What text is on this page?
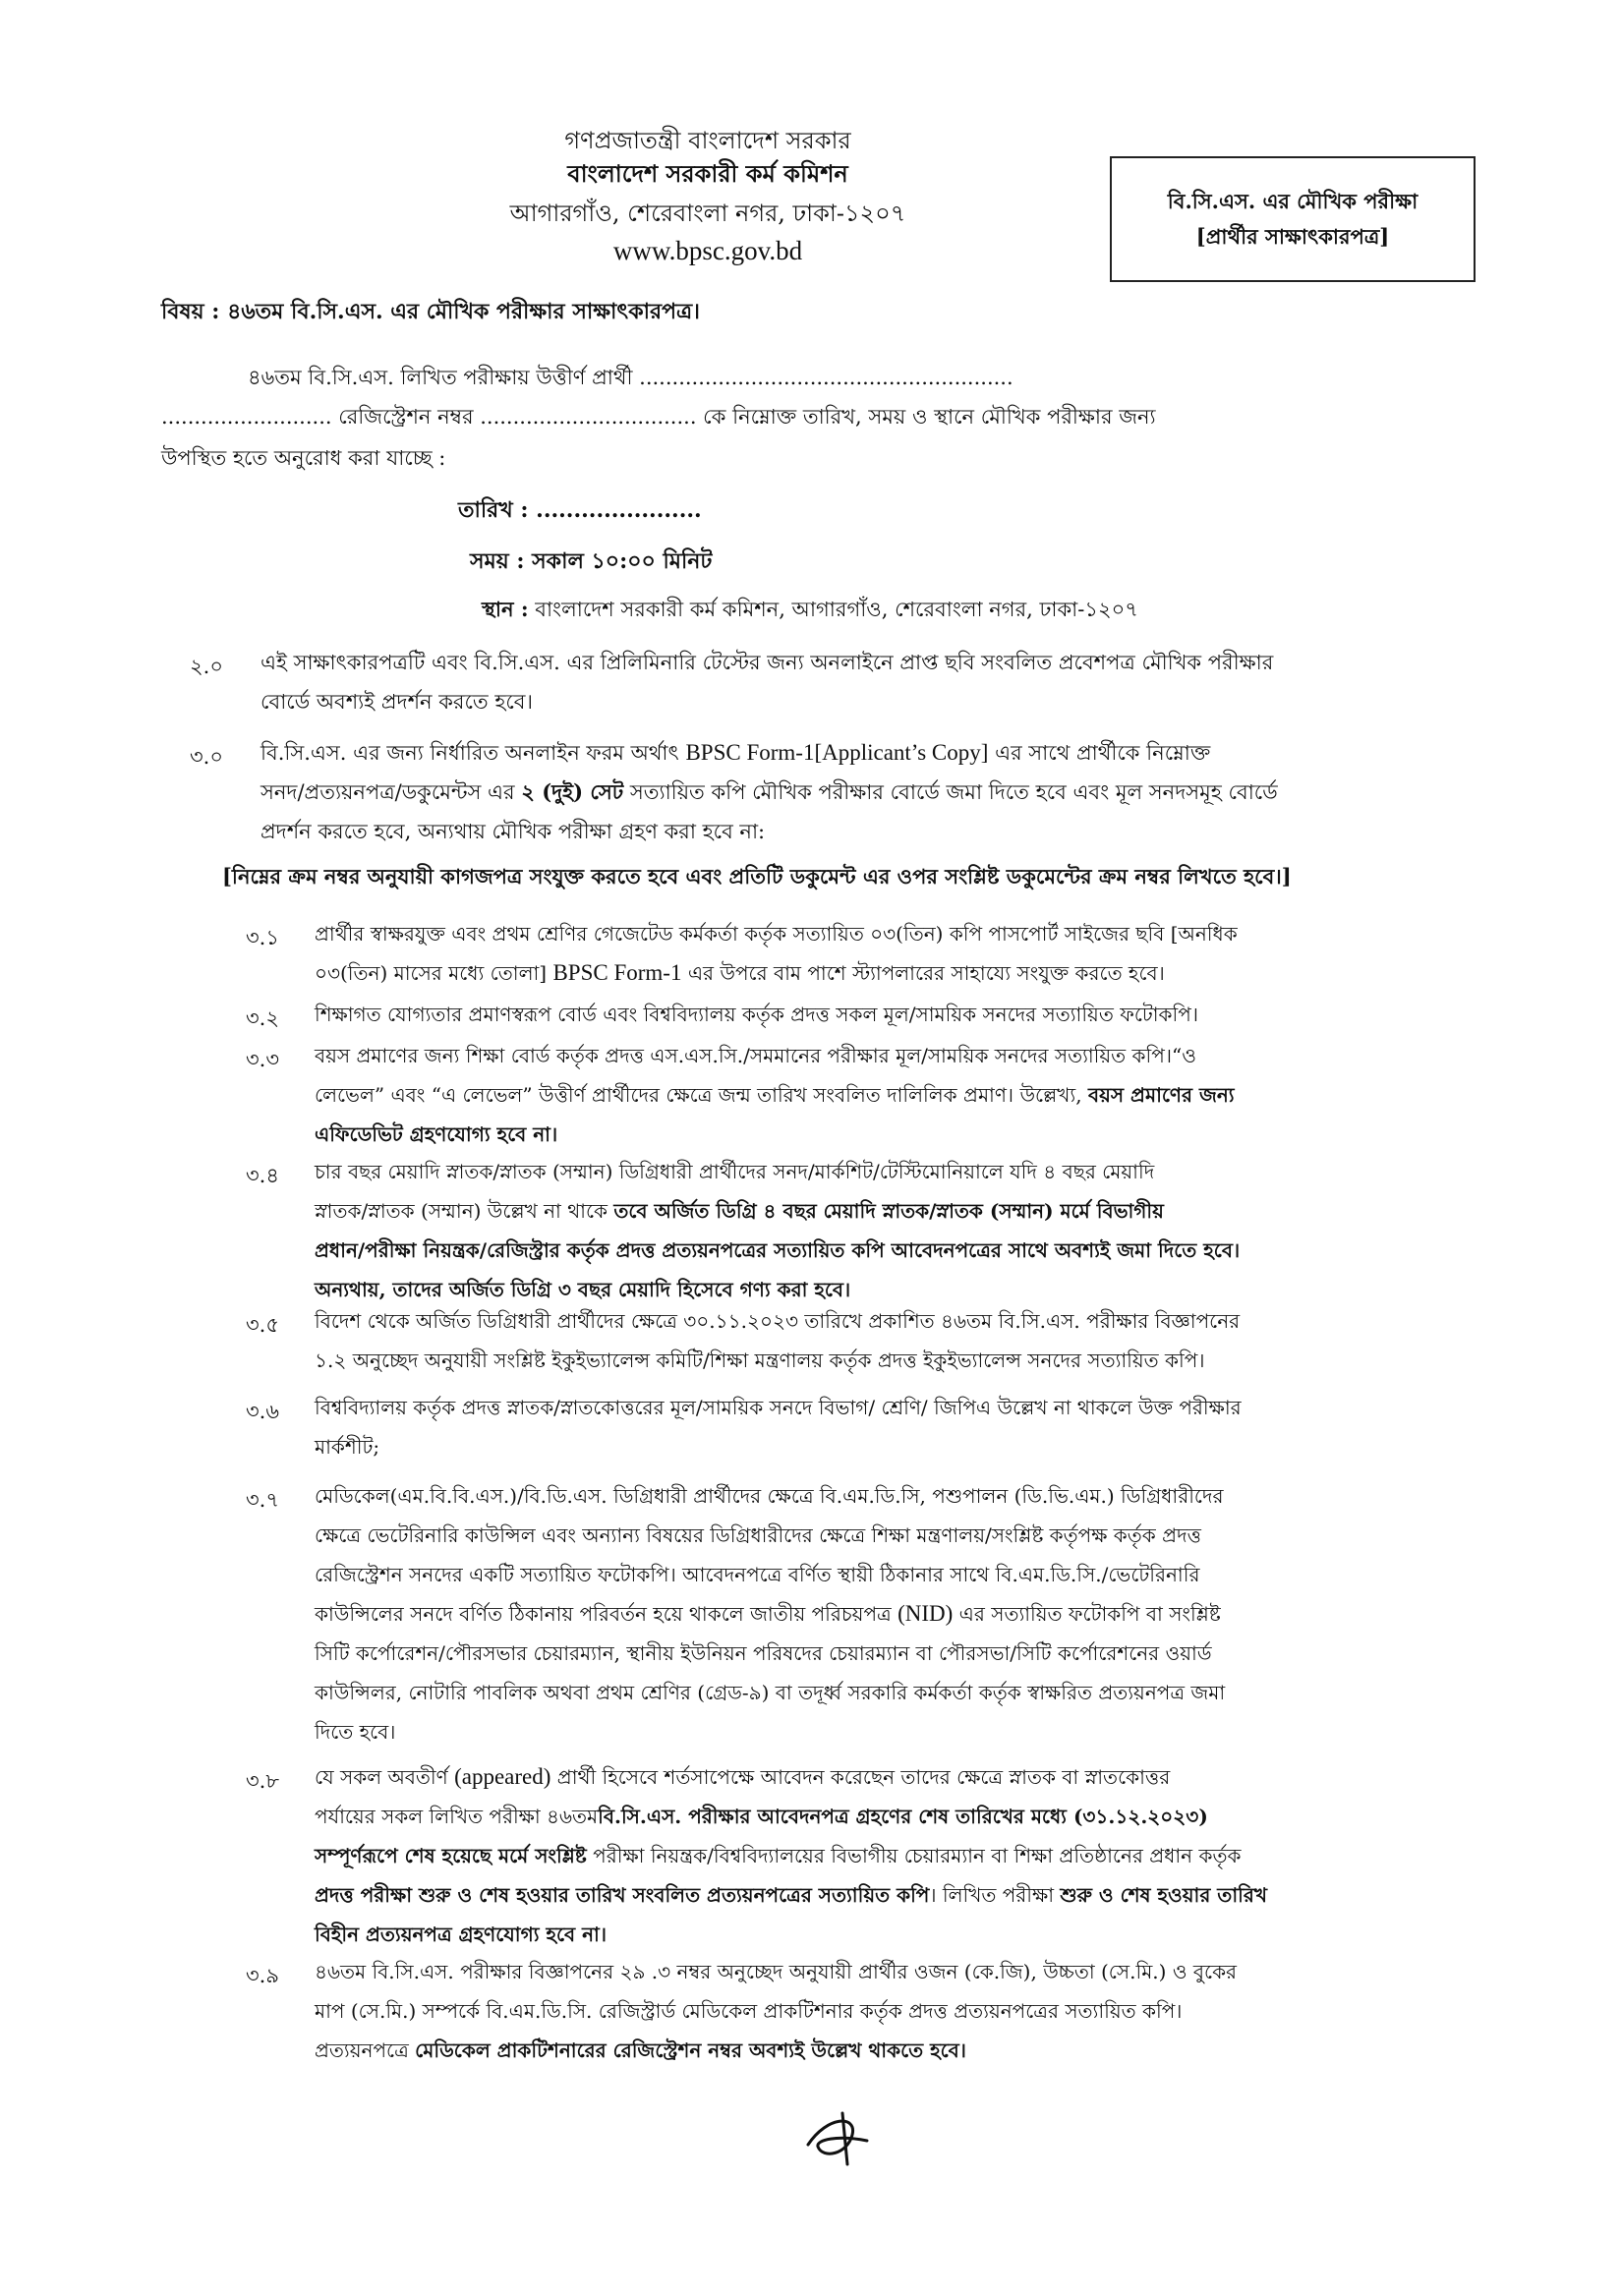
গণপ্রজাতন্ত্রী বাংলাদেশ সরকার
বাংলাদেশ সরকারী কর্ম কমিশন
আগারগাঁও, শেরেবাংলা নগর, ঢাকা-১২০৭
www.bpsc.gov.bd
বি.সি.এস. এর মৌখিক পরীক্ষা
[প্রার্থীর সাক্ষাৎকারপত্র]
বিষয় : ৪৬তম বি.সি.এস. এর মৌখিক পরীক্ষার সাক্ষাৎকারপত্র।
৪৬তম বি.সি.এস. লিখিত পরীক্ষায় উত্তীর্ণ প্রার্থী .........................................................
.......................... রেজিস্ট্রেশন নম্বর ................................. কে নিম্নোক্ত তারিখ, সময় ও স্থানে মৌখিক পরীক্ষার জন্য
উপস্থিত হতে অনুরোধ করা যাচ্ছে :
তারিখ : ......................
সময় : সকাল ১০:০০ মিনিট
স্থান : বাংলাদেশ সরকারী কর্ম কমিশন, আগারগাঁও, শেরেবাংলা নগর, ঢাকা-১২০৭
২.০ এই সাক্ষাৎকারপত্রটি এবং বি.সি.এস. এর প্রিলিমিনারি টেস্টের জন্য অনলাইনে প্রাপ্ত ছবি সংবলিত প্রবেশপত্র মৌখিক পরীক্ষার
বোর্ডে অবশ্যই প্রদর্শন করতে হবে।
৩.০ বি.সি.এস. এর জন্য নির্ধারিত অনলাইন ফরম অর্থাৎ BPSC Form-1[Applicant’s Copy] এর সাথে প্রার্থীকে নিম্নোক্ত
সনদ/প্রত্যয়নপত্র/ডকুমেন্টস এর ২ (দুই) সেট সত্যায়িত কপি মৌখিক পরীক্ষার বোর্ডে জমা দিতে হবে এবং মূল সনদসমূহ বোর্ডে
প্রদর্শন করতে হবে, অন্যথায় মৌখিক পরীক্ষা গ্রহণ করা হবে না:
[নিম্নের ক্রম নম্বর অনুযায়ী কাগজপত্র সংযুক্ত করতে হবে এবং প্রতিটি ডকুমেন্ট এর ওপর সংশ্লিষ্ট ডকুমেন্টের ক্রম নম্বর লিখতে হবে।]
৩.১ প্রার্থীর স্বাক্ষরযুক্ত এবং প্রথম শ্রেণির গেজেটেড কর্মকর্তা কর্তৃক সত্যায়িত ০৩(তিন) কপি পাসপোর্ট সাইজের ছবি [অনধিক
০৩(তিন) মাসের মধ্যে তোলা] BPSC Form-1 এর উপরে বাম পাশে স্ট্যাপলারের সাহায্যে সংযুক্ত করতে হবে।
৩.২ শিক্ষাগত যোগ্যতার প্রমাণস্বরূপ বোর্ড এবং বিশ্ববিদ্যালয় কর্তৃক প্রদত্ত সকল মূল/সাময়িক সনদের সত্যায়িত ফটোকপি।
৩.৩ বয়স প্রমাণের জন্য শিক্ষা বোর্ড কর্তৃক প্রদত্ত এস.এস.সি./সমমানের পরীক্ষার মূল/সাময়িক সনদের সত্যায়িত কপি।“ও
লেভেল” এবং “এ লেভেল” উত্তীর্ণ প্রার্থীদের ক্ষেত্রে জন্ম তারিখ সংবলিত দালিলিক প্রমাণ। উল্লেখ্য, বয়স প্রমাণের জন্য
এফিডেভিট গ্রহণযোগ্য হবে না।
৩.৪ চার বছর মেয়াদি স্নাতক/স্নাতক (সম্মান) ডিগ্রিধারী প্রার্থীদের সনদ/মার্কশিট/টেস্টিমোনিয়ালে যদি ৪ বছর মেয়াদি
স্নাতক/স্নাতক (সম্মান) উল্লেখ না থাকে তবে অর্জিত ডিগ্রি ৪ বছর মেয়াদি স্নাতক/স্নাতক (সম্মান) মর্মে বিভাগীয়
প্রধান/পরীক্ষা নিয়ন্ত্রক/রেজিস্ট্রার কর্তৃক প্রদত্ত প্রত্যয়নপত্রের সত্যায়িত কপি আবেদনপত্রের সাথে অবশ্যই জমা দিতে হবে।
অন্যথায়, তাদের অর্জিত ডিগ্রি ৩ বছর মেয়াদি হিসেবে গণ্য করা হবে।
৩.৫ বিদেশ থেকে অর্জিত ডিগ্রিধারী প্রার্থীদের ক্ষেত্রে ৩০.১১.২০২৩ তারিখে প্রকাশিত ৪৬তম বি.সি.এস. পরীক্ষার বিজ্ঞাপনের
১.২ অনুচ্ছেদ অনুযায়ী সংশ্লিষ্ট ইকুইভ্যালেন্স কমিটি/শিক্ষা মন্ত্রণালয় কর্তৃক প্রদত্ত ইকুইভ্যালেন্স সনদের সত্যায়িত কপি।
৩.৬ বিশ্ববিদ্যালয় কর্তৃক প্রদত্ত স্নাতক/স্নাতকোত্তরের মূল/সাময়িক সনদে বিভাগ/ শ্রেণি/ জিপিএ উল্লেখ না থাকলে উক্ত পরীক্ষার
মার্কশীট;
৩.৭ মেডিকেল(এম.বি.বি.এস.)/বি.ডি.এস. ডিগ্রিধারী প্রার্থীদের ক্ষেত্রে বি.এম.ডি.সি, পশুপালন (ডি.ভি.এম.) ডিগ্রিধারীদের
ক্ষেত্রে ভেটেরিনারি কাউন্সিল এবং অন্যান্য বিষয়ের ডিগ্রিধারীদের ক্ষেত্রে শিক্ষা মন্ত্রণালয়/সংশ্লিষ্ট কর্তৃপক্ষ কর্তৃক প্রদত্ত
রেজিস্ট্রেশন সনদের একটি সত্যায়িত ফটোকপি। আবেদনপত্রে বর্ণিত স্থায়ী ঠিকানার সাথে বি.এম.ডি.সি./ভেটেরিনারি
কাউন্সিলের সনদে বর্ণিত ঠিকানায় পরিবর্তন হয়ে থাকলে জাতীয় পরিচয়পত্র (NID) এর সত্যায়িত ফটোকপি বা সংশ্লিষ্ট
সিটি কর্পোরেশন/পৌরসভার চেয়ারম্যান, স্থানীয় ইউনিয়ন পরিষদের চেয়ারম্যান বা পৌরসভা/সিটি কর্পোরেশনের ওয়ার্ড
কাউন্সিলর, নোটারি পাবলিক অথবা প্রথম শ্রেণির (গ্রেড-৯) বা তদূর্ধ্ব সরকারি কর্মকর্তা কর্তৃক স্বাক্ষরিত প্রত্যয়নপত্র জমা
দিতে হবে।
৩.৮ যে সকল অবতীর্ণ (appeared) প্রার্থী হিসেবে শর্তসাপেক্ষে আবেদন করেছেন তাদের ক্ষেত্রে স্নাতক বা স্নাতকোত্তর
পর্যায়ের সকল লিখিত পরীক্ষা ৪৬তমবি.সি.এস. পরীক্ষার আবেদনপত্র গ্রহণের শেষ তারিখের মধ্যে (৩১.১২.২০২৩)
সম্পূর্ণরূপে শেষ হয়েছে মর্মে সংশ্লিষ্ট পরীক্ষা নিয়ন্ত্রক/বিশ্ববিদ্যালয়ের বিভাগীয় চেয়ারম্যান বা শিক্ষা প্রতিষ্ঠানের প্রধান কর্তৃক
প্রদত্ত পরীক্ষা শুরু ও শেষ হওয়ার তারিখ সংবলিত প্রত্যয়নপত্রের সত্যায়িত কপি। লিখিত পরীক্ষা শুরু ও শেষ হওয়ার তারিখ
বিহীন প্রত্যয়নপত্র গ্রহণযোগ্য হবে না।
৩.৯ ৪৬তম বি.সি.এস. পরীক্ষার বিজ্ঞাপনের ২৯ .৩ নম্বর অনুচ্ছেদ অনুযায়ী প্রার্থীর ওজন (কে.জি), উচ্চতা (সে.মি.) ও বুকের
মাপ (সে.মি.) সম্পর্কে বি.এম.ডি.সি. রেজিস্ট্রার্ড মেডিকেল প্রাকটিশনার কর্তৃক প্রদত্ত প্রত্যয়নপত্রের সত্যায়িত কপি।
প্রত্যয়নপত্রে মেডিকেল প্রাকটিশনারের রেজিস্ট্রেশন নম্বর অবশ্যই উল্লেখ থাকতে হবে।
